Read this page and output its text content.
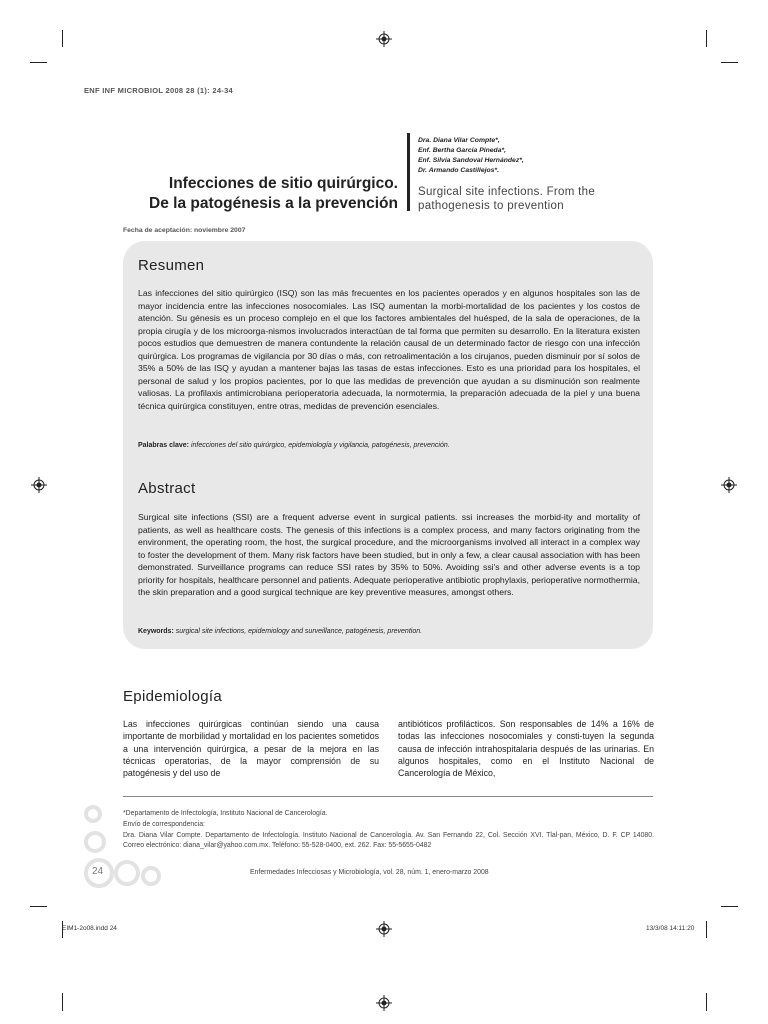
ENF INF MICROBIOL 2008 28 (1): 24-34
Infecciones de sitio quirúrgico.
De la patogénesis a la prevención
Dra. Diana Vilar Compte*,
Enf. Bertha García Pineda*,
Enf. Silvia Sandoval Hernández*,
Dr. Armando Castillejos*.
Surgical site infections. From the
pathogenesis to prevention
Fecha de aceptación: noviembre 2007
Resumen
Las infecciones del sitio quirúrgico (ISQ) son las más frecuentes en los pacientes operados y en algunos hospitales son las de mayor incidencia entre las infecciones nosocomiales. Las ISQ aumentan la morbi-mortalidad de los pacientes y los costos de atención. Su génesis es un proceso complejo en el que los factores ambientales del huésped, de la sala de operaciones, de la propia cirugía y de los microorga-nismos involucrados interactúan de tal forma que permiten su desarrollo. En la literatura existen pocos estudios que demuestren de manera contundente la relación causal de un determinado factor de riesgo con una infección quirúrgica. Los programas de vigilancia por 30 días o más, con retroalimentación a los cirujanos, pueden disminuir por sí solos de 35% a 50% de las ISQ y ayudan a mantener bajas las tasas de estas infecciones. Esto es una prioridad para los hospitales, el personal de salud y los propios pacientes, por lo que las medidas de prevención que ayudan a su disminución son realmente valiosas. La profilaxis antimicrobiana perioperatoria adecuada, la normotermia, la preparación adecuada de la piel y una buena técnica quirúrgica constituyen, entre otras, medidas de prevención esenciales.
Palabras clave: infecciones del sitio quirúrgico, epidemiología y vigilancia, patogénesis, prevención.
Abstract
Surgical site infections (SSI) are a frequent adverse event in surgical patients. ssi increases the morbid-ity and mortality of patients, as well as healthcare costs. The genesis of this infections is a complex process, and many factors originating from the environment, the operating room, the host, the surgical procedure, and the microorganisms involved all interact in a complex way to foster the development of them. Many risk factors have been studied, but in only a few, a clear causal association with has been demonstrated. Surveillance programs can reduce SSI rates by 35% to 50%. Avoiding ssi's and other adverse events is a top priority for hospitals, healthcare personnel and patients. Adequate perioperative antibiotic prophylaxis, perioperative normothermia, the skin preparation and a good surgical technique are key preventive measures, amongst others.
Keywords: surgical site infections, epidemiology and surveillance, patogénesis, prevention.
Epidemiología
Las infecciones quirúrgicas continúan siendo una causa importante de morbilidad y mortalidad en los pacientes sometidos a una intervención quirúrgica, a pesar de la mejora en las técnicas operatorias, de la mayor comprensión de su patogénesis y del uso de
antibióticos profilácticos. Son responsables de 14% a 16% de todas las infecciones nosocomiales y consti-tuyen la segunda causa de infección intrahospitalaria después de las urinarias. En algunos hospitales, como en el Instituto Nacional de Cancerología de México,
*Departamento de Infectología, Instituto Nacional de Cancerología.
Envío de correspondencia:
Dra. Diana Vilar Compte. Departamento de Infectología. Instituto Nacional de Cancerología. Av. San Fernando 22, Col. Sección XVI. Tlal-pan, México, D. F. CP 14080. Correo electrónico: diana_vilar@yahoo.com.mx. Teléfono: 55-528-0400, ext. 262. Fax: 55-5655-0482
24	Enfermedades Infecciosas y Microbiología, vol. 28, núm. 1, enero-marzo 2008
EIM1-2o08.indd 24	13/3/08 14:11:20
